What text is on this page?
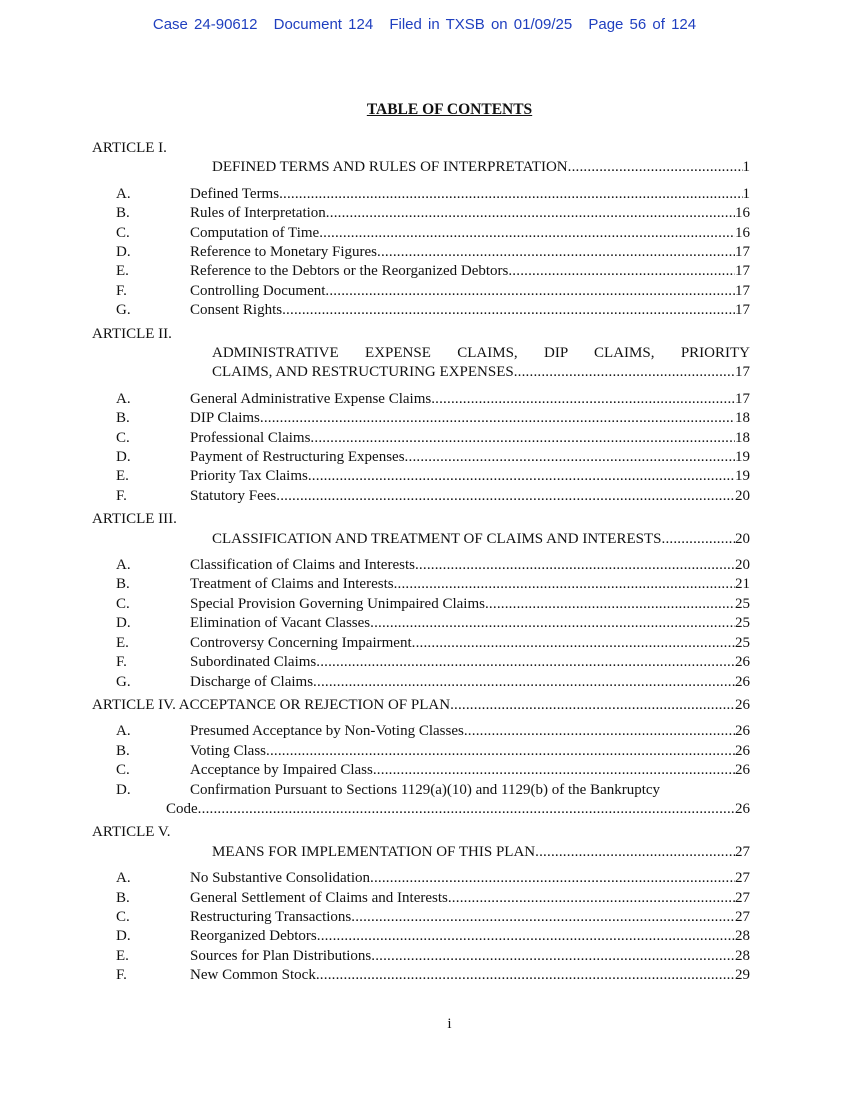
Case 24-90612 Document 124 Filed in TXSB on 01/09/25 Page 56 of 124
TABLE OF CONTENTS
ARTICLE I.
DEFINED TERMS AND RULES OF INTERPRETATION .....	1
A.	Defined Terms .....	1
B.	Rules of Interpretation .....	16
C.	Computation of Time .....	16
D.	Reference to Monetary Figures .....	17
E.	Reference to the Debtors or the Reorganized Debtors .....	17
F.	Controlling Document .....	17
G.	Consent Rights .....	17
ARTICLE II.
ADMINISTRATIVE EXPENSE CLAIMS, DIP CLAIMS, PRIORITY
CLAIMS, AND RESTRUCTURING EXPENSES .....	17
A.	General Administrative Expense Claims .....	17
B.	DIP Claims .....	18
C.	Professional Claims .....	18
D.	Payment of Restructuring Expenses .....	19
E.	Priority Tax Claims .....	19
F.	Statutory Fees .....	20
ARTICLE III.
CLASSIFICATION AND TREATMENT OF CLAIMS AND INTERESTS .....	20
A.	Classification of Claims and Interests .....	20
B.	Treatment of Claims and Interests .....	21
C.	Special Provision Governing Unimpaired Claims .....	25
D.	Elimination of Vacant Classes .....	25
E.	Controversy Concerning Impairment .....	25
F.	Subordinated Claims .....	26
G.	Discharge of Claims .....	26
ARTICLE IV. ACCEPTANCE OR REJECTION OF PLAN .....	26
A.	Presumed Acceptance by Non-Voting Classes .....	26
B.	Voting Class .....	26
C.	Acceptance by Impaired Class .....	26
D.	Confirmation Pursuant to Sections 1129(a)(10) and 1129(b) of the Bankruptcy
Code .....	26
ARTICLE V.
MEANS FOR IMPLEMENTATION OF THIS PLAN .....	27
A.	No Substantive Consolidation .....	27
B.	General Settlement of Claims and Interests .....	27
C.	Restructuring Transactions .....	27
D.	Reorganized Debtors .....	28
E.	Sources for Plan Distributions .....	28
F.	New Common Stock .....	29
i
